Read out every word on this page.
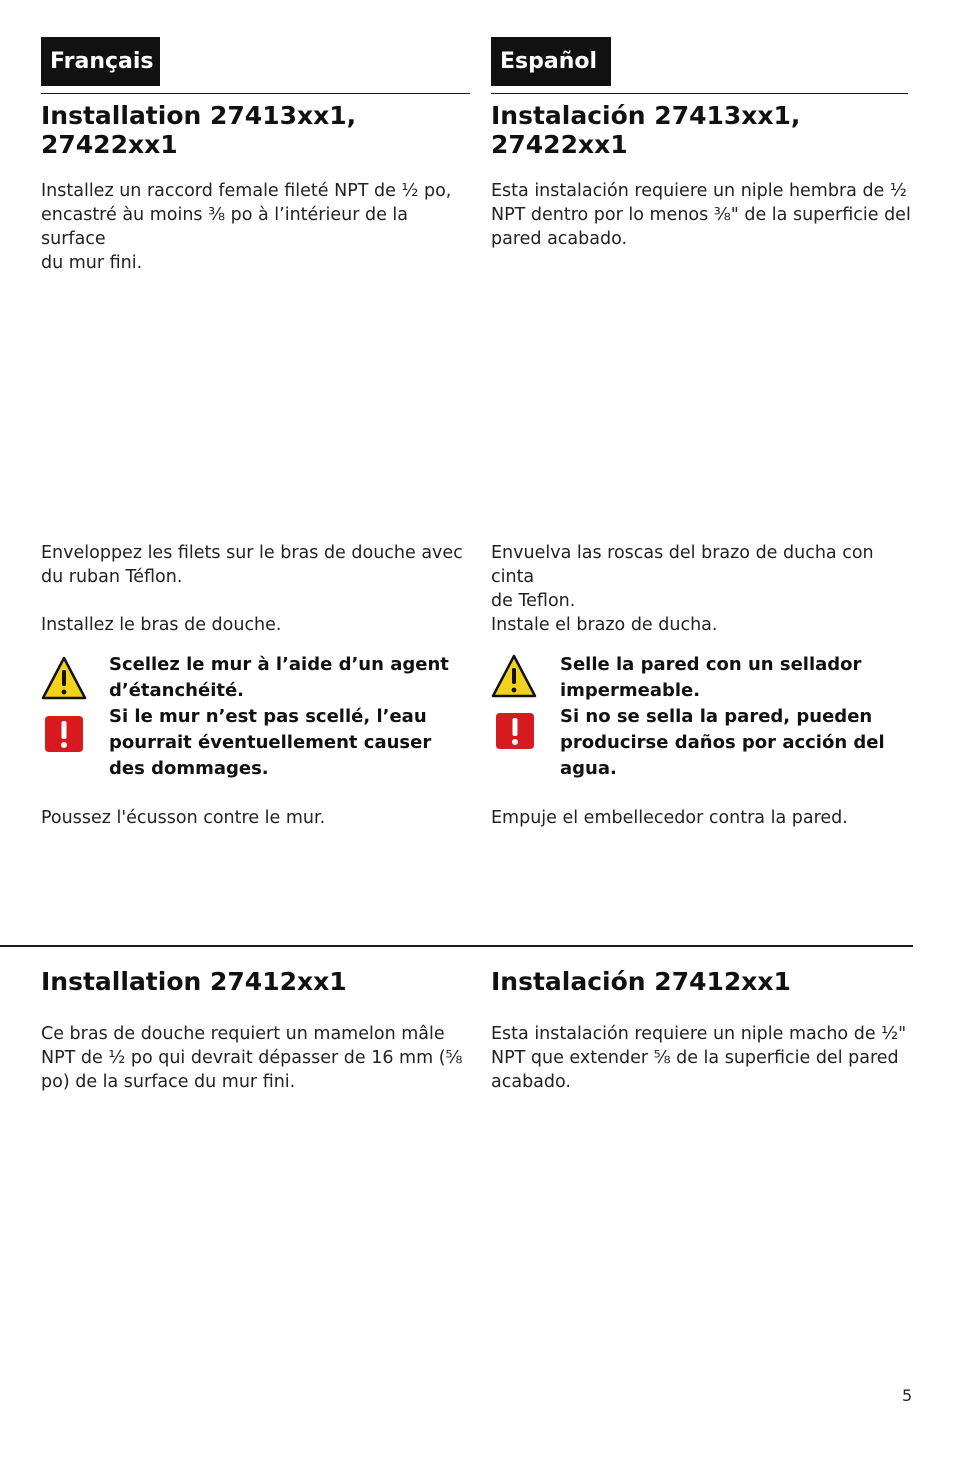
Français	Español
Installation 27413xx1,
27422xx1
Installez un raccord female fileté NPT de ½ po,
encastré àu moins ⅜ po à l’intérieur de la surface
du mur fini.
Instalación 27413xx1,
27422xx1
Esta instalación requiere un niple hembra de ½
NPT dentro por lo menos ⅜" de la superficie del
pared acabado.
Enveloppez les filets sur le bras de douche avec
du ruban Téflon.
Envuelva las roscas del brazo de ducha con cinta
de Teflon.
Installez le bras de douche.	Instale el brazo de ducha.
Scellez le mur à l’aide d’un agent
d’étanchéité.
Si le mur n’est pas scellé, l’eau
pourrait éventuellement causer
des dommages.
Selle la pared con un sellador
impermeable.
Si no se sella la pared, pueden
producirse daños por acción del
agua.
Poussez l'écusson contre le mur.	Empuje el embellecedor contra la pared.
Installation 27412xx1	Instalación 27412xx1
Ce bras de douche requiert un mamelon mâle
NPT de ½ po qui devrait dépasser de 16 mm (⅝
po) de la surface du mur fini.
Esta instalación requiere un niple macho de ½"
NPT que extender ⅝ de la superficie del pared
acabado.
5
